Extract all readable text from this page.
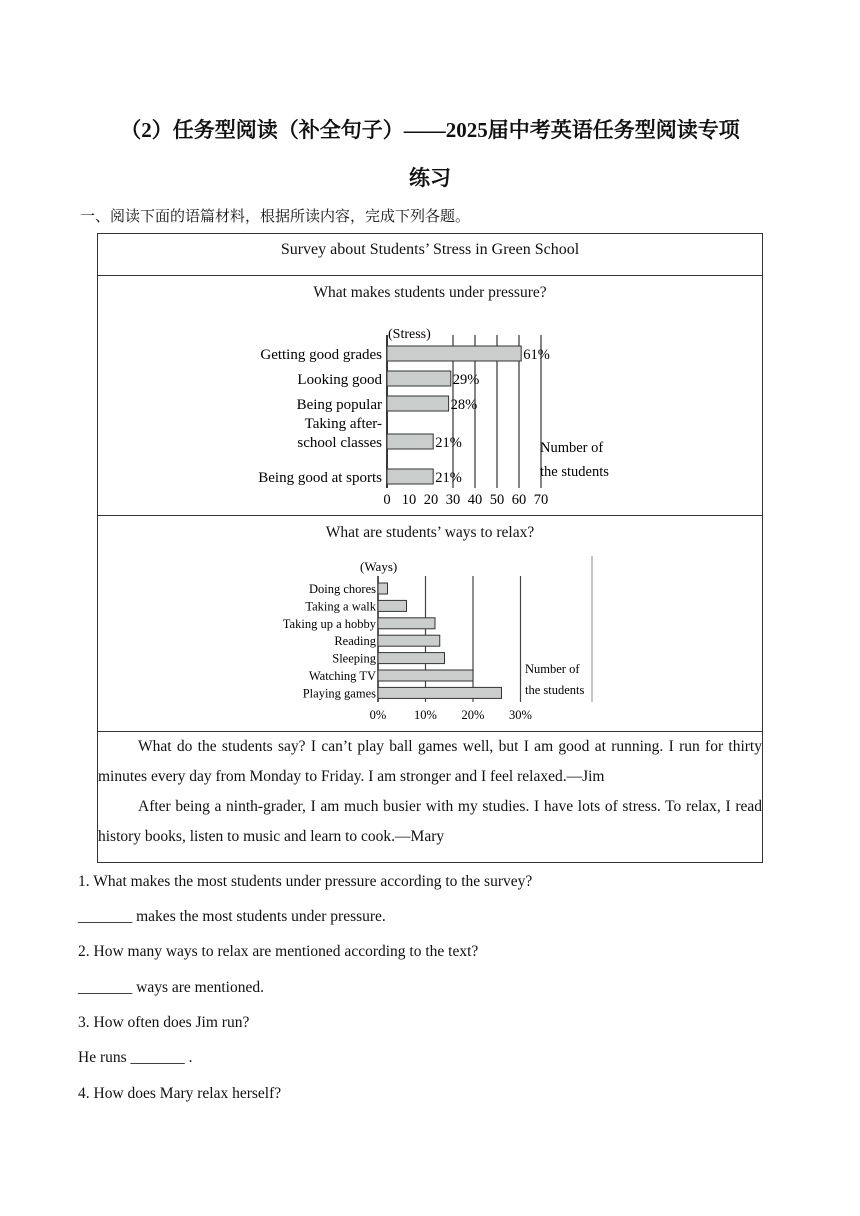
（2）任务型阅读（补全句子）——2025届中考英语任务型阅读专项
练习
一、阅读下面的语篇材料，根据所读内容，完成下列各题。
Survey about Students’ Stress in Green School

What makes students under pressure?
(Stress)
61%
Getting good grades
29%
Looking good
28%
Being popular
21%
Taking after-
school classes
21%
Being good at sports
0 10 20 30 40 50 60 70
Number of
the students

What are students’ ways to relax?
(Ways)
Doing chores
Taking a walk
Taking up a hobby
Reading
Sleeping
Watching TV
Playing games
0% 10% 20% 30%
Number of
the students

What do the students say? I can’t play ball games well, but I am good at running. I run for thirty minutes every day from Monday to Friday. I am stronger and I feel relaxed.—Jim

After being a ninth-grader, I am much busier with my studies. I have lots of stress. To relax, I read history books, listen to music and learn to cook.—Mary

1. What makes the most students under pressure according to the survey?
_______ makes the most students under pressure.
2. How many ways to relax are mentioned according to the text?
_______ ways are mentioned.
3. How often does Jim run?
He runs _______ .
4. How does Mary relax herself?
